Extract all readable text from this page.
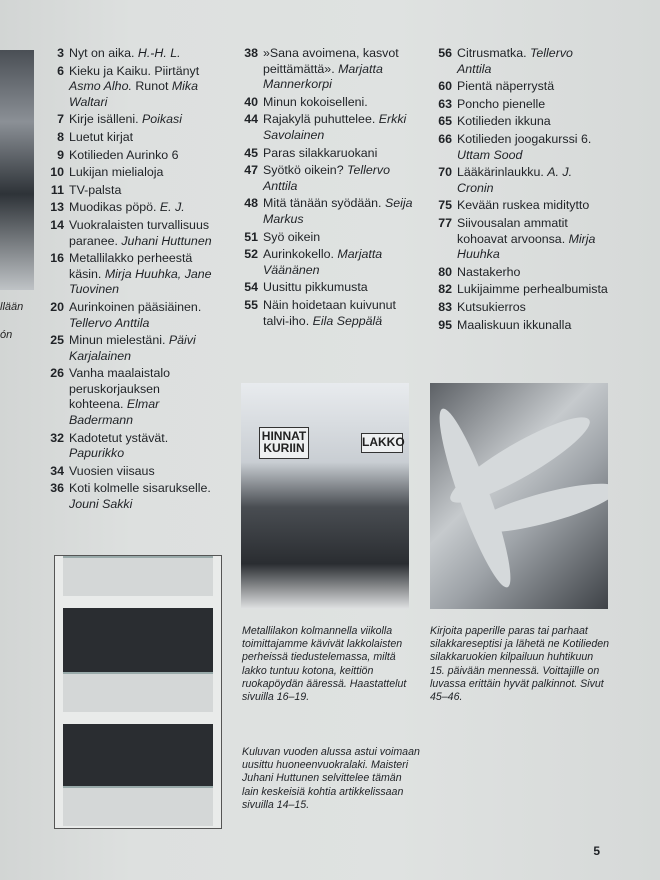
llään

ón
3 Nyt on aika. H.-H. L.
6 Kieku ja Kaiku. Piirtänyt Asmo Alho. Runot Mika Waltari
7 Kirje isälleni. Poikasi
8 Luetut kirjat
9 Kotilieden Aurinko 6
10 Lukijan mielialoja
11 TV-palsta
13 Muodikas pöpö. E. J.
14 Vuokralaisten turvallisuus paranee. Juhani Huttunen
16 Metallilakko perheestä käsin. Mirja Huuhka, Jane Tuovinen
20 Aurinkoinen pääsiäinen. Tellervo Anttila
25 Minun mielestäni. Päivi Karjalainen
26 Vanha maalaistalo peruskorjauksen kohteena. Elmar Badermann
32 Kadotetut ystävät. Papurikko
34 Vuosien viisaus
36 Koti kolmelle sisarukselle. Jouni Sakki
38 »Sana avoimena, kasvot peittämättä». Marjatta Mannerkorpi
40 Minun kokoiselleni.
44 Rajakylä puhuttelee. Erkki Savolainen
45 Paras silakkaruokani
47 Syötkö oikein? Tellervo Anttila
48 Mitä tänään syödään. Seija Markus
51 Syö oikein
52 Aurinkokello. Marjatta Väänänen
54 Uusittu pikkumusta
55 Näin hoidetaan kuivunut talvi-iho. Eila Seppälä
56 Citrusmatka. Tellervo Anttila
60 Pientä näperrystä
63 Poncho pienelle
65 Kotilieden ikkuna
66 Kotilieden joogakurssi 6. Uttam Sood
70 Lääkärinlaukku. A. J. Cronin
75 Kevään ruskea miditytto
77 Siivousalan ammatit kohoavat arvoonsa. Mirja Huuhka
80 Nastakerho
82 Lukijaimme perhealbumista
83 Kutsukierros
95 Maaliskuun ikkunalla
HINNAT
KURIIN	LAKKO
Metallilakon kolmannella viikolla toimittajamme kävivät lakkolaisten perheissä tiedustelemassa, miltä lakko tuntuu kotona, keittiön ruokapöydän ääressä. Haastattelut sivuilla 16–19.
Kirjoita paperille paras tai parhaat silakkareseptisi ja lähetä ne Kotilieden silakkaruokien kilpailuun huhtikuun 15. päivään mennessä. Voittajille on luvassa erittäin hyvät palkinnot. Sivut 45–46.
Kuluvan vuoden alussa astui voimaan uusittu huoneenvuokralaki. Maisteri Juhani Huttunen selvittelee tämän lain keskeisiä kohtia artikkelissaan sivuilla 14–15.
5
